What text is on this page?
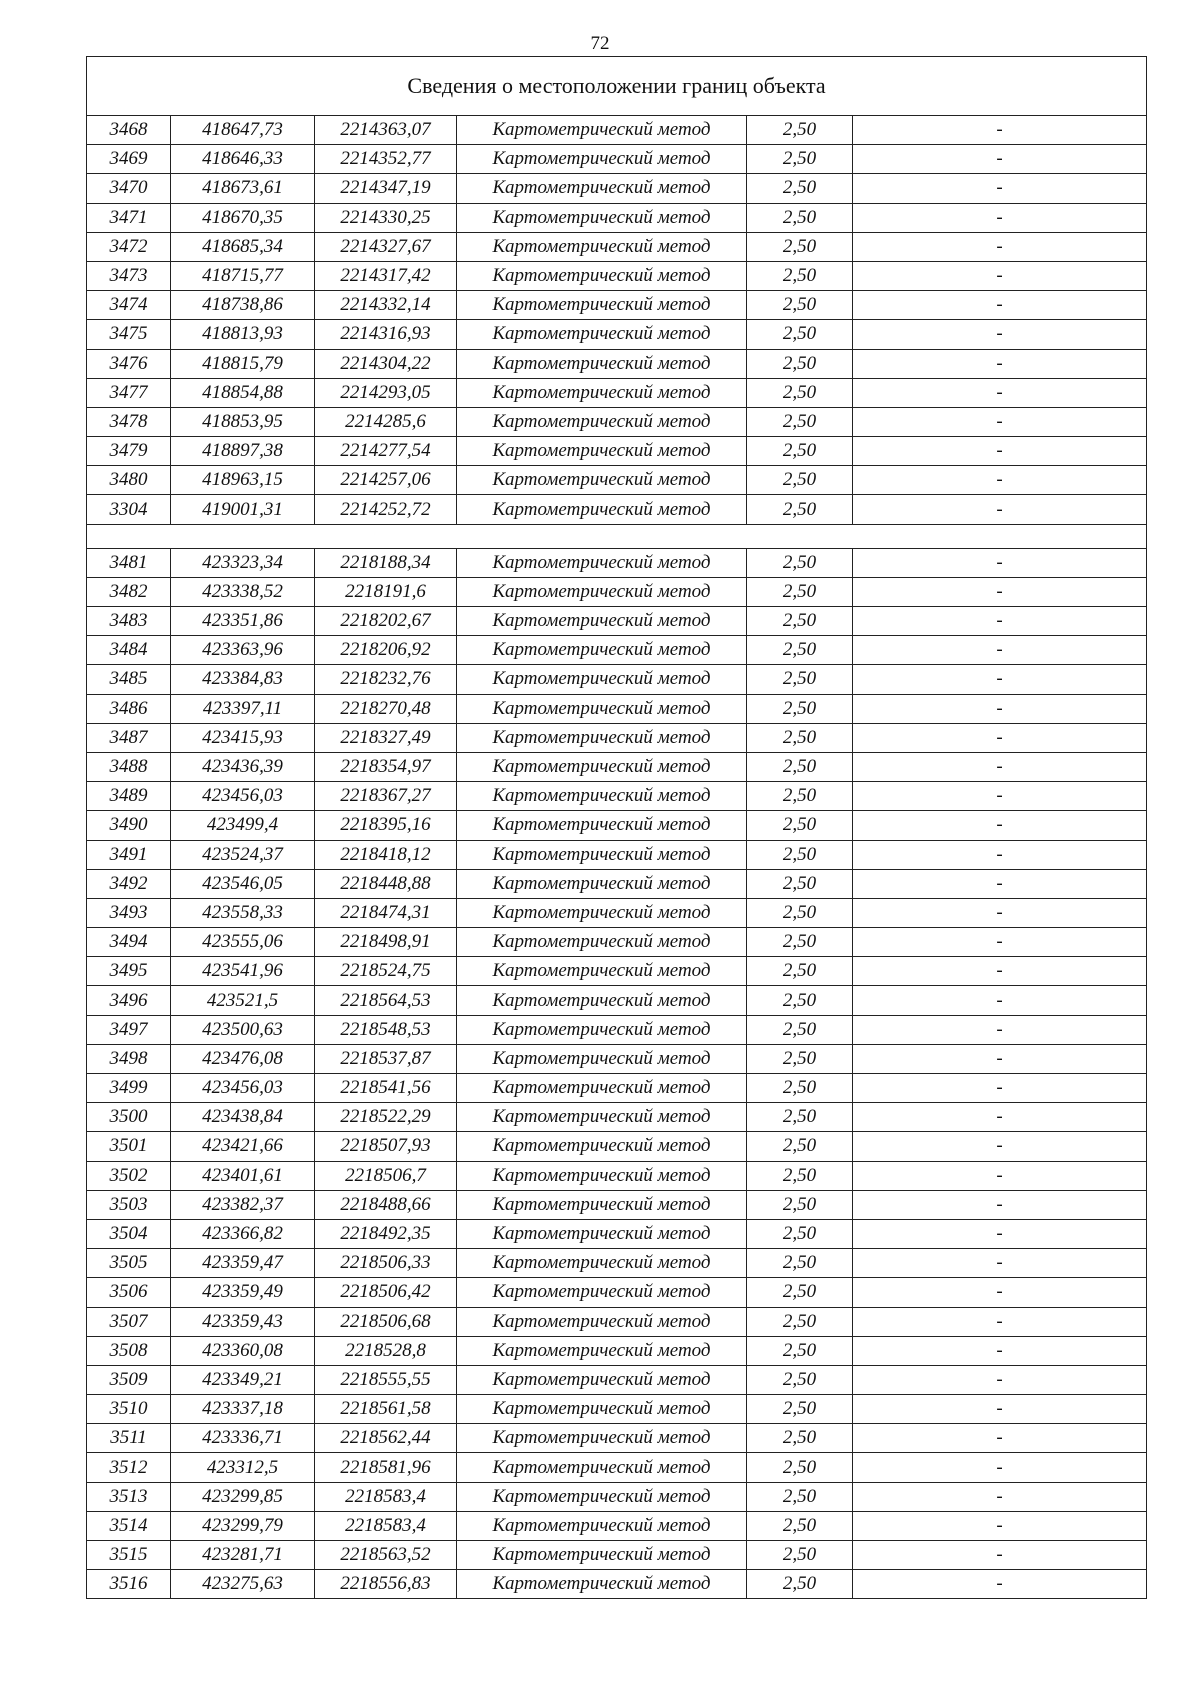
72
Сведения о местоположении границ объекта					
3468	418647,73	2214363,07	Картометрический метод	2,50	-
3469	418646,33	2214352,77	Картометрический метод	2,50	-
3470	418673,61	2214347,19	Картометрический метод	2,50	-
3471	418670,35	2214330,25	Картометрический метод	2,50	-
3472	418685,34	2214327,67	Картометрический метод	2,50	-
3473	418715,77	2214317,42	Картометрический метод	2,50	-
3474	418738,86	2214332,14	Картометрический метод	2,50	-
3475	418813,93	2214316,93	Картометрический метод	2,50	-
3476	418815,79	2214304,22	Картометрический метод	2,50	-
3477	418854,88	2214293,05	Картометрический метод	2,50	-
3478	418853,95	2214285,6	Картометрический метод	2,50	-
3479	418897,38	2214277,54	Картометрический метод	2,50	-
3480	418963,15	2214257,06	Картометрический метод	2,50	-
3304	419001,31	2214252,72	Картометрический метод	2,50	-

3481	423323,34	2218188,34	Картометрический метод	2,50	-
3482	423338,52	2218191,6	Картометрический метод	2,50	-
3483	423351,86	2218202,67	Картометрический метод	2,50	-
3484	423363,96	2218206,92	Картометрический метод	2,50	-
3485	423384,83	2218232,76	Картометрический метод	2,50	-
3486	423397,11	2218270,48	Картометрический метод	2,50	-
3487	423415,93	2218327,49	Картометрический метод	2,50	-
3488	423436,39	2218354,97	Картометрический метод	2,50	-
3489	423456,03	2218367,27	Картометрический метод	2,50	-
3490	423499,4	2218395,16	Картометрический метод	2,50	-
3491	423524,37	2218418,12	Картометрический метод	2,50	-
3492	423546,05	2218448,88	Картометрический метод	2,50	-
3493	423558,33	2218474,31	Картометрический метод	2,50	-
3494	423555,06	2218498,91	Картометрический метод	2,50	-
3495	423541,96	2218524,75	Картометрический метод	2,50	-
3496	423521,5	2218564,53	Картометрический метод	2,50	-
3497	423500,63	2218548,53	Картометрический метод	2,50	-
3498	423476,08	2218537,87	Картометрический метод	2,50	-
3499	423456,03	2218541,56	Картометрический метод	2,50	-
3500	423438,84	2218522,29	Картометрический метод	2,50	-
3501	423421,66	2218507,93	Картометрический метод	2,50	-
3502	423401,61	2218506,7	Картометрический метод	2,50	-
3503	423382,37	2218488,66	Картометрический метод	2,50	-
3504	423366,82	2218492,35	Картометрический метод	2,50	-
3505	423359,47	2218506,33	Картометрический метод	2,50	-
3506	423359,49	2218506,42	Картометрический метод	2,50	-
3507	423359,43	2218506,68	Картометрический метод	2,50	-
3508	423360,08	2218528,8	Картометрический метод	2,50	-
3509	423349,21	2218555,55	Картометрический метод	2,50	-
3510	423337,18	2218561,58	Картометрический метод	2,50	-
3511	423336,71	2218562,44	Картометрический метод	2,50	-
3512	423312,5	2218581,96	Картометрический метод	2,50	-
3513	423299,85	2218583,4	Картометрический метод	2,50	-
3514	423299,79	2218583,4	Картометрический метод	2,50	-
3515	423281,71	2218563,52	Картометрический метод	2,50	-
3516	423275,63	2218556,83	Картометрический метод	2,50	-
